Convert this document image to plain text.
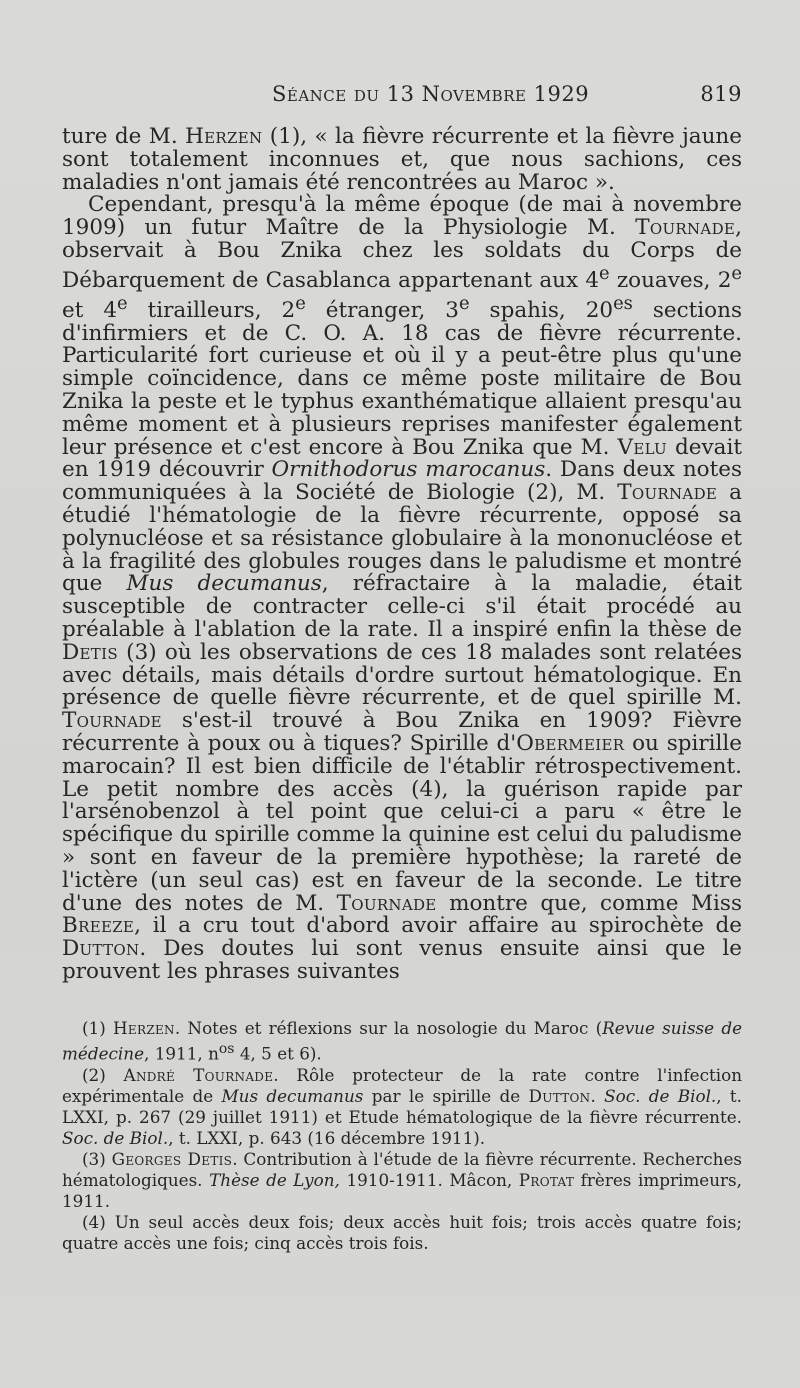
Séance du 13 Novembre 1929	819

ture de M. Herzen (1), « la fièvre récurrente et la fièvre jaune sont totalement inconnues et, que nous sachions, ces maladies n'ont jamais été rencontrées au Maroc ».

Cependant, presqu'à la même époque (de mai à novembre 1909) un futur Maître de la Physiologie M. Tournade, observait à Bou Znika chez les soldats du Corps de Débarquement de Casablanca appartenant aux 4e zouaves, 2e et 4e tirailleurs, 2e étranger, 3e spahis, $20^{es}$ sections d'infirmiers et de C. O. A. 18 cas de fièvre récurrente. Particularité fort curieuse et où il y a peut-être plus qu'une simple coïncidence, dans ce même poste militaire de Bou Znika la peste et le typhus exanthématique allaient presqu'au même moment et à plusieurs reprises manifester également leur présence et c'est encore à Bou Znika que M. Velu devait en 1919 découvrir Ornithodorus marocanus. Dans deux notes communiquées à la Société de Biologie (2), M. Tournade a étudié l'hématologie de la fièvre récurrente, opposé sa polynucléose et sa résistance globulaire à la mononucléose et à la fragilité des globules rouges dans le paludisme et montré que Mus decumanus, réfractaire à la maladie, était susceptible de contracter celle-ci s'il était procédé au préalable à l'ablation de la rate. Il a inspiré enfin la thèse de Detis (3) où les observations de ces 18 malades sont relatées avec détails, mais détails d'ordre surtout hématologique. En présence de quelle fièvre récurrente, et de quel spirille M. Tournade s'est-il trouvé à Bou Znika en 1909? Fièvre récurrente à poux ou à tiques? Spirille d'Obermeier ou spirille marocain? Il est bien difficile de l'établir rétrospectivement. Le petit nombre des accès (4), la guérison rapide par l'arsénobenzol à tel point que celui-ci a paru « être le spécifique du spirille comme la quinine est celui du paludisme » sont en faveur de la première hypothèse; la rareté de l'ictère (un seul cas) est en faveur de la seconde. Le titre d'une des notes de M. Tournade montre que, comme Miss Breeze, il a cru tout d'abord avoir affaire au spirochète de Dutton. Des doutes lui sont venus ensuite ainsi que le prouvent les phrases suivantes

(1) Herzen. Notes et réflexions sur la nosologie du Maroc (Revue suisse de médecine, 1911, $n^{os}$ 4, 5 et 6).

(2) André Tournade. Rôle protecteur de la rate contre l'infection expérimentale de Mus decumanus par le spirille de Dutton. Soc. de Biol., t. LXXI, p. 267 (29 juillet 1911) et Etude hématologique de la fièvre récurrente. Soc. de Biol., t. LXXI, p. 643 (16 décembre 1911).

(3) Georges Detis. Contribution à l'étude de la fièvre récurrente. Recherches hématologiques. Thèse de Lyon, 1910-1911. Mâcon, Protat frères imprimeurs, 1911.

(4) Un seul accès deux fois; deux accès huit fois; trois accès quatre fois; quatre accès une fois; cinq accès trois fois.
